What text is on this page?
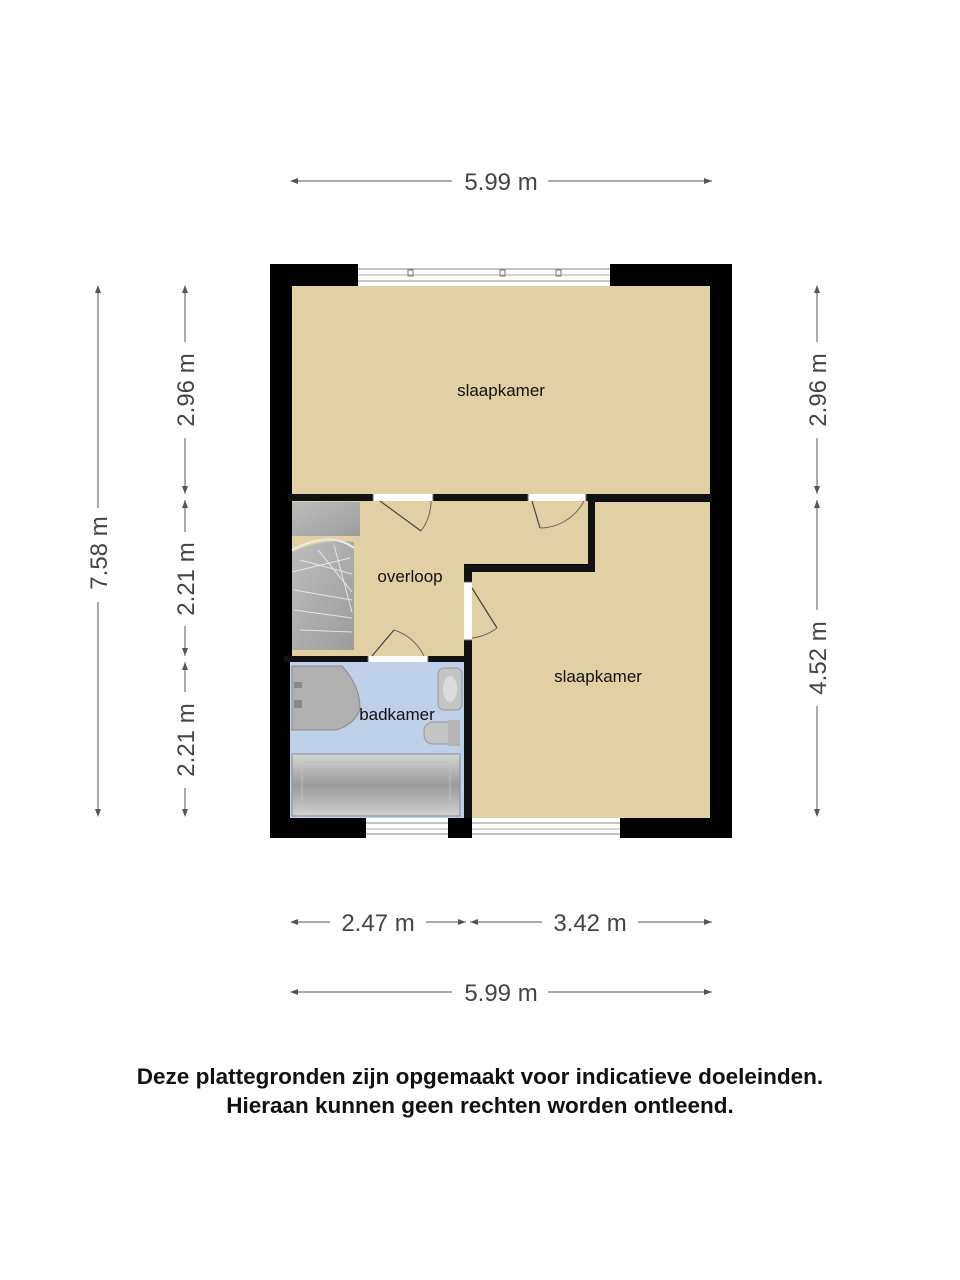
5.99 m
2.47 m	3.42 m
5.99 m
7.58 m
2.96 m
2.21 m
2.21 m
2.96 m
4.52 m
slaapkamer
overloop
slaapkamer
badkamer
Deze plattegronden zijn opgemaakt voor indicatieve doeleinden.
Hieraan kunnen geen rechten worden ontleend.
